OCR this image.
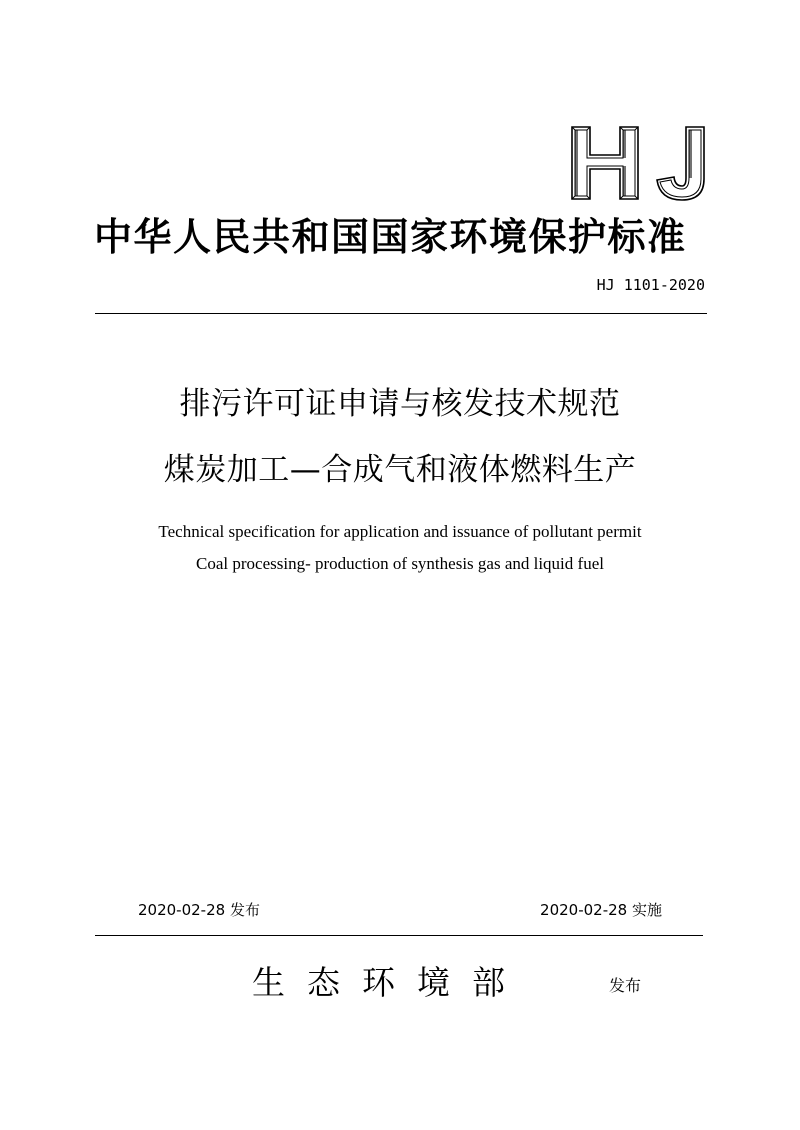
中华人民共和国国家环境保护标准
HJ 1101-2020
排污许可证申请与核发技术规范
煤炭加工—合成气和液体燃料生产
Technical specification for application and issuance of pollutant permit
Coal processing- production of synthesis gas and liquid fuel
2020-02-28 发布	2020-02-28 实施
生态环境部	发布
